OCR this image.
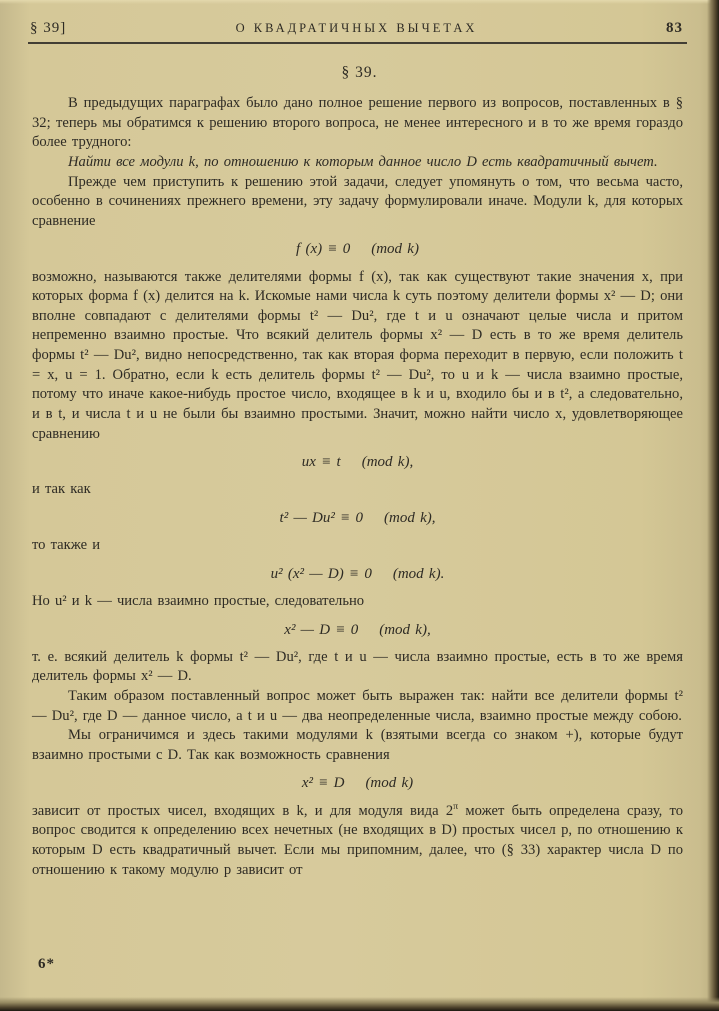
§ 39]	О КВАДРАТИЧНЫХ ВЫЧЕТАХ	83
§ 39.

В предыдущих параграфах было дано полное решение первого из вопросов, поставленных в § 32; теперь мы обратимся к решению второго вопроса, не менее интересного и в то же время гораздо более трудного:

Найти все модули k, по отношению к которым данное число D есть квадратичный вычет.

Прежде чем приступить к решению этой задачи, следует упомянуть о том, что весьма часто, особенно в сочинениях прежнего времени, эту задачу формулировали иначе. Модули k, для которых сравнение

f (x) ≡ 0    (mod k)

возможно, называются также делителями формы f (x), так как существуют такие значения x, при которых форма f (x) делится на k. Искомые нами числа k суть поэтому делители формы x² — D; они вполне совпадают с делителями формы t² — Du², где t и u означают целые числа и притом непременно взаимно простые. Что всякий делитель формы x² — D есть в то же время делитель формы t² — Du², видно непосредственно, так как вторая форма переходит в первую, если положить t = x, u = 1. Обратно, если k есть делитель формы t² — Du², то u и k — числа взаимно простые, потому что иначе какое-нибудь простое число, входящее в k и u, входило бы и в t², а следовательно, и в t, и числа t и u не были бы взаимно простыми. Значит, можно найти число x, удовлетворяющее сравнению

ux ≡ t    (mod k),

и так как

t² — Du² ≡ 0    (mod k),

то также и

u² (x² — D) ≡ 0    (mod k).

Но u² и k — числа взаимно простые, следовательно

x² — D ≡ 0    (mod k),

т. е. всякий делитель k формы t² — Du², где t и u — числа взаимно простые, есть в то же время делитель формы x² — D.

Таким образом поставленный вопрос может быть выражен так: найти все делители формы t² — Du², где D — данное число, а t и u — два неопределенные числа, взаимно простые между собою.

Мы ограничимся и здесь такими модулями k (взятыми всегда со знаком +), которые будут взаимно простыми с D. Так как возможность сравнения

x² ≡ D    (mod k)

зависит от простых чисел, входящих в k, и для модуля вида $2^\pi$ может быть определена сразу, то вопрос сводится к определению всех нечетных (не входящих в D) простых чисел p, по отношению к которым D есть квадратичный вычет. Если мы припомним, далее, что (§ 33) характер числа D по отношению к такому модулю p зависит от

6*
